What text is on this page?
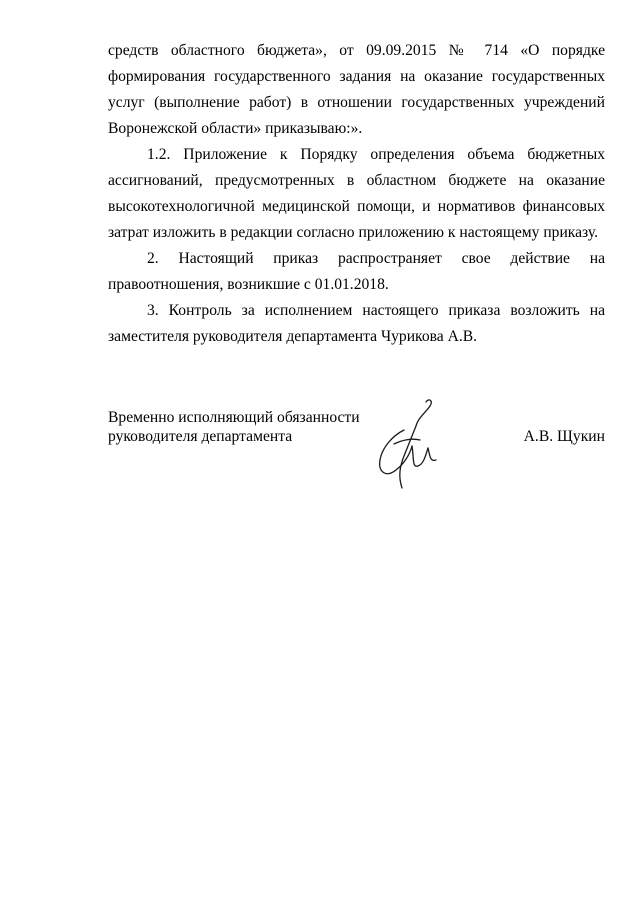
средств областного бюджета», от 09.09.2015 № 714 «О порядке формирования государственного задания на оказание государственных услуг (выполнение работ) в отношении государственных учреждений Воронежской области» приказываю:».

1.2. Приложение к Порядку определения объема бюджетных ассигнований, предусмотренных в областном бюджете на оказание высокотехнологичной медицинской помощи, и нормативов финансовых затрат изложить в редакции согласно приложению к настоящему приказу.

2. Настоящий приказ распространяет свое действие на правоотношения, возникшие с 01.01.2018.

3. Контроль за исполнением настоящего приказа возложить на заместителя руководителя департамента Чурикова А.В.

Временно исполняющий обязанности
руководителя департамента	А.В. Щукин
